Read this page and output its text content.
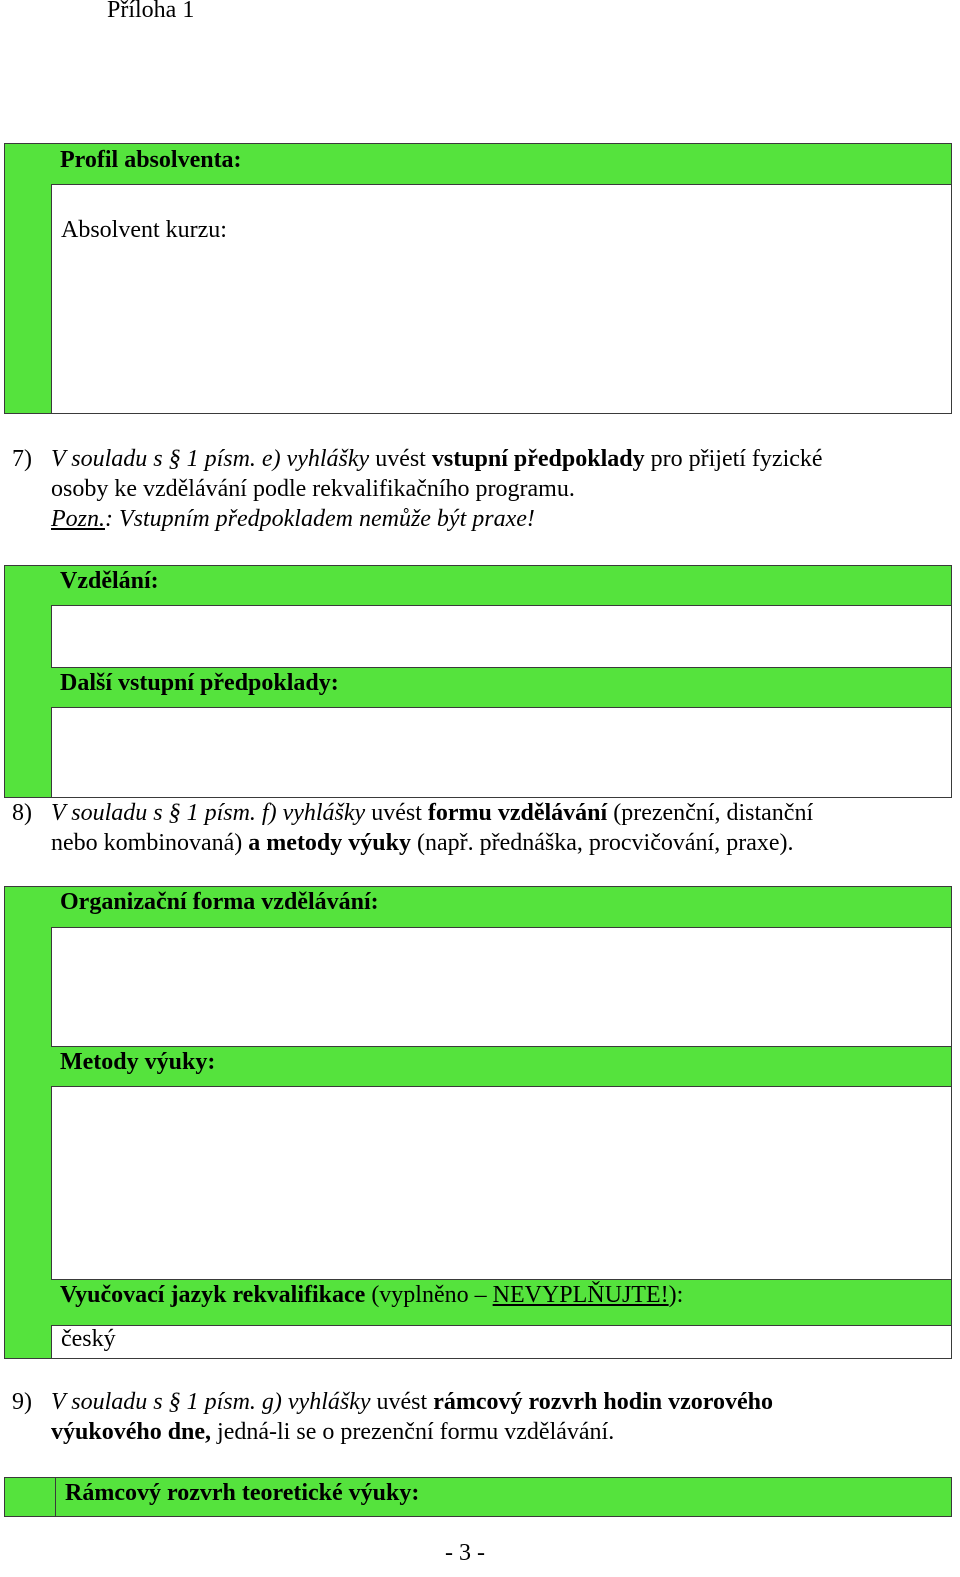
Příloha 1
Profil absolventa:
Absolvent kurzu:
7) V souladu s § 1 písm. e) vyhlášky uvést vstupní předpoklady pro přijetí fyzické
osoby ke vzdělávání podle rekvalifikačního programu.
Pozn.: Vstupním předpokladem nemůže být praxe!
Vzdělání:
Další vstupní předpoklady:
8) V souladu s § 1 písm. f) vyhlášky uvést formu vzdělávání (prezenční, distanční
nebo kombinovaná) a metody výuky (např. přednáška, procvičování, praxe).
Organizační forma vzdělávání:
Metody výuky:
Vyučovací jazyk rekvalifikace (vyplněno – NEVYPLŇUJTE!):
český
9) V souladu s § 1 písm. g) vyhlášky uvést rámcový rozvrh hodin vzorového
výukového dne, jedná-li se o prezenční formu vzdělávání.
Rámcový rozvrh teoretické výuky:
- 3 -
